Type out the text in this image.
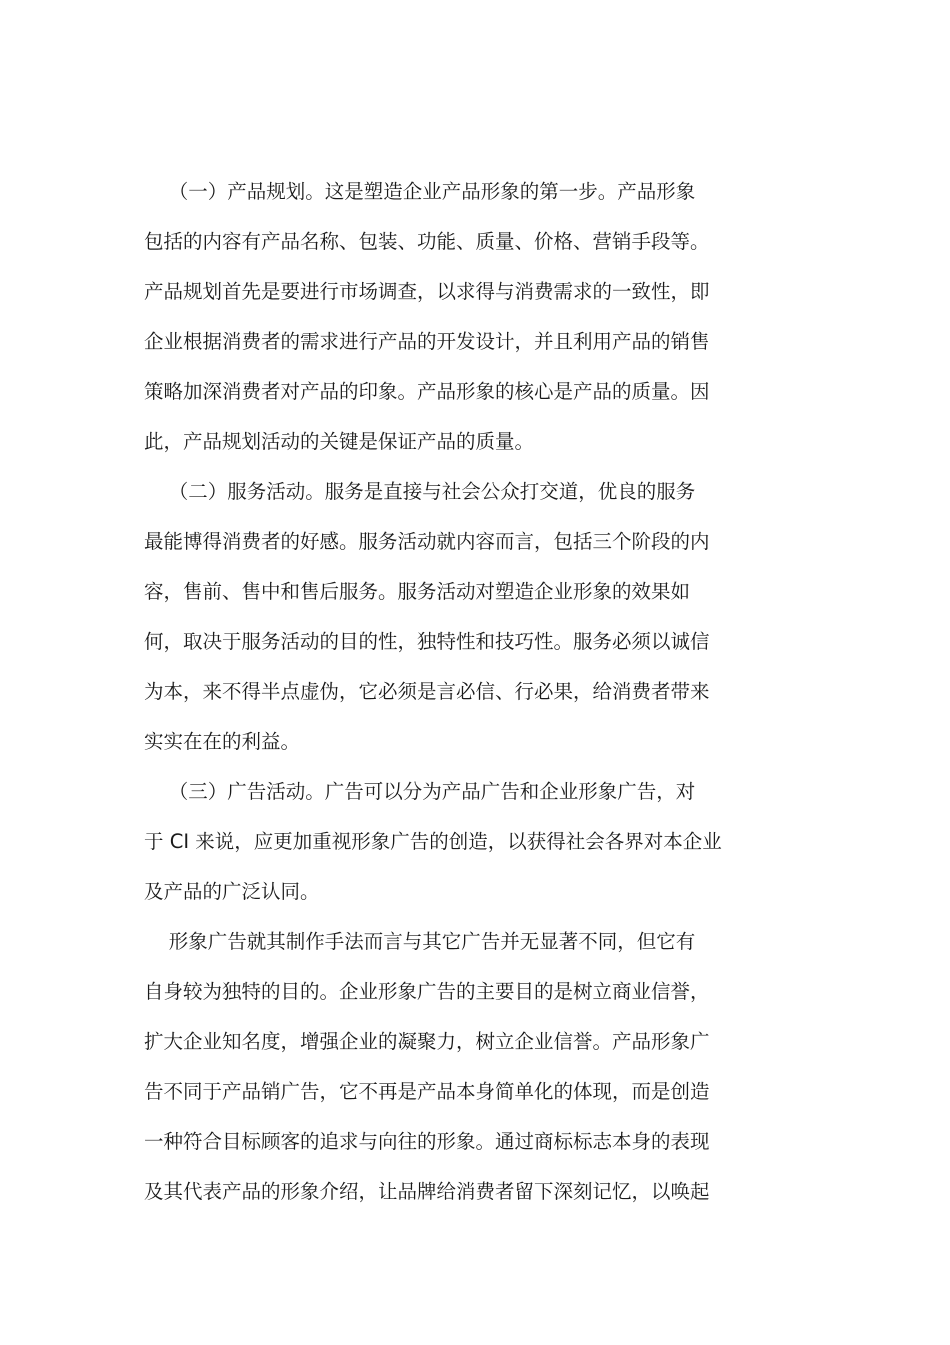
（一）产品规划。这是塑造企业产品形象的第一步。产品形象
包括的内容有产品名称、包装、功能、质量、价格、营销手段等。
产品规划首先是要进行市场调查，以求得与消费需求的一致性，即
企业根据消费者的需求进行产品的开发设计，并且利用产品的销售
策略加深消费者对产品的印象。产品形象的核心是产品的质量。因
此，产品规划活动的关键是保证产品的质量。
（二）服务活动。服务是直接与社会公众打交道，优良的服务
最能博得消费者的好感。服务活动就内容而言，包括三个阶段的内
容，售前、售中和售后服务。服务活动对塑造企业形象的效果如
何，取决于服务活动的目的性，独特性和技巧性。服务必须以诚信
为本，来不得半点虚伪，它必须是言必信、行必果，给消费者带来
实实在在的利益。
（三）广告活动。广告可以分为产品广告和企业形象广告，对
于 CI 来说，应更加重视形象广告的创造，以获得社会各界对本企业
及产品的广泛认同。
形象广告就其制作手法而言与其它广告并无显著不同，但它有
自身较为独特的目的。企业形象广告的主要目的是树立商业信誉，
扩大企业知名度，增强企业的凝聚力，树立企业信誉。产品形象广
告不同于产品销广告，它不再是产品本身简单化的体现，而是创造
一种符合目标顾客的追求与向往的形象。通过商标标志本身的表现
及其代表产品的形象介绍，让品牌给消费者留下深刻记忆，以唤起
